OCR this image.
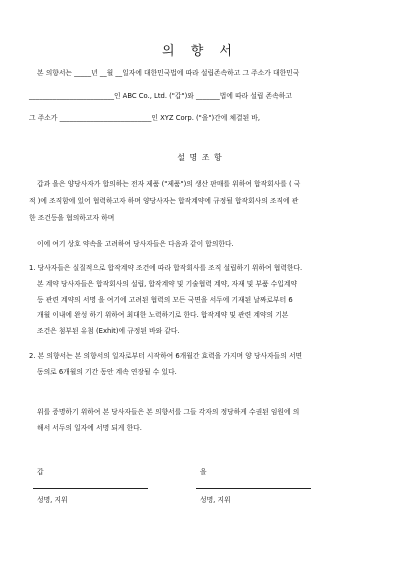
의 향 서
본 의향서는 _____년 __월 __일자에 대한민국법에 따라 설립존속하고 그 주소가 대한민국
_________________________인 ABC Co., Ltd. ("갑")와 _______법에 따라 설립 존속하고
그 주소가 ___________________________인 XYZ Corp. ("을")간에 체결된 바,
설 명 조 항
갑과 을은 양당사자가 합의하는 전자 제품 ("제품")의 생산 판매를 위하여 합작회사를 ( 국
적 )에 조직함에 있어 협력하고자 하며 양당사자는 합작계약에 규정될 합작회사의 조직에 관
한 조건등을 협의하고자 하며
이에 여기 상호 약속을 고려하여 당사자들은 다음과 같이 합의한다.
1. 당사자들은 실질적으로 합작계약 조건에 따라 합작회사를 조직 설립하기 위하여 협력한다.
본 계약 당사자들은 합작회사의 설립, 합작계약 및 기술협력 계약, 자재 및 부품 수입계약
등 관련 계약의 서명 을 여기에 고려된 협력의 모든 국면을 서두에 기재된 날짜로부터 6
개월 이내에 완성 하기 위하여 최대한 노력하기로 한다. 합작계약 및 관련 계약의 기본
조건은 첨부된 유첨 (Exhit)에 규정된 바와 같다.
2. 본 의향서는 본 의향서의 일자로부터 시작하여 6개월간 효력을 가지며 양 당사자들의 서면
동의로 6개월의 기간 동안 계속 연장될 수 있다.
위를 증명하기 위하여 본 당사자들은 본 의향서를 그들 각자의 정당하게 수권된 임원에 의
해서 서두의 일자에 서명 되게 한다.
갑	을
성명, 지위	성명, 지위
